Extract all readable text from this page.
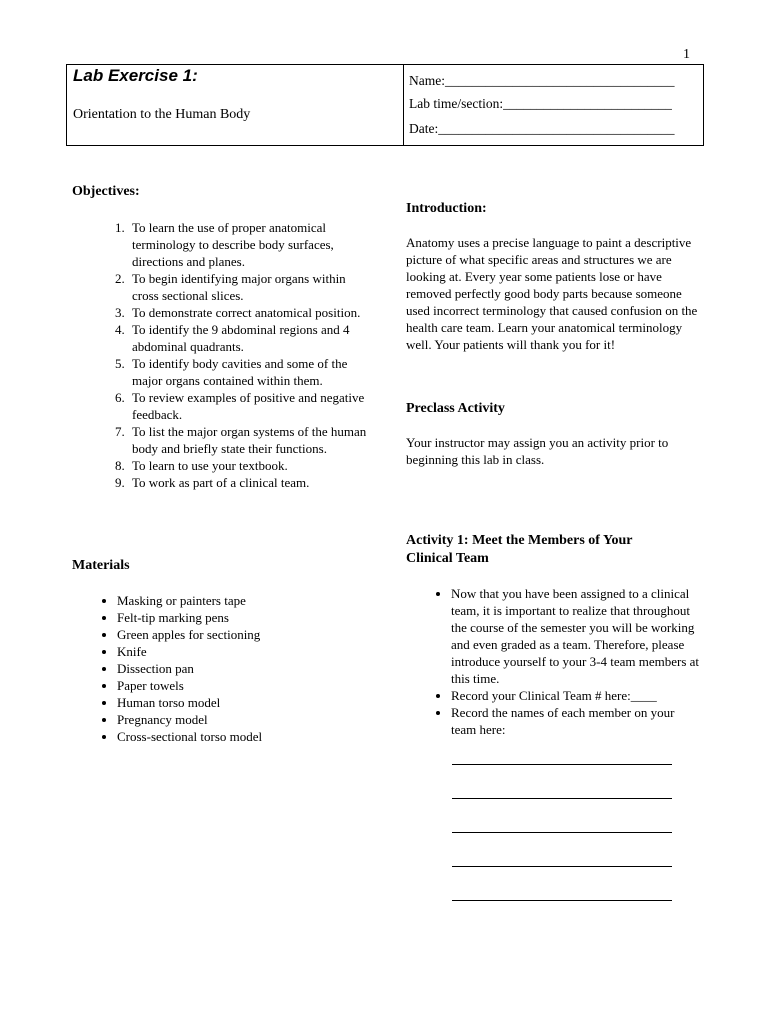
1
Lab Exercise 1:
Orientation to the Human Body
Name:__________________________________
Lab time/section:_________________________
Date:___________________________________
Objectives:
1. To learn the use of proper anatomical terminology to describe body surfaces, directions and planes.
2. To begin identifying major organs within cross sectional slices.
3. To demonstrate correct anatomical position.
4. To identify the 9 abdominal regions and 4 abdominal quadrants.
5. To identify body cavities and some of the major organs contained within them.
6. To review examples of positive and negative feedback.
7. To list the major organ systems of the human body and briefly state their functions.
8. To learn to use your textbook.
9. To work as part of a clinical team.
Materials
• Masking or painters tape
• Felt-tip marking pens
• Green apples for sectioning
• Knife
• Dissection pan
• Paper towels
• Human torso model
• Pregnancy model
• Cross-sectional torso model
Introduction:

Anatomy uses a precise language to paint a descriptive picture of what specific areas and structures we are looking at. Every year some patients lose or have removed perfectly good body parts because someone used incorrect terminology that caused confusion on the health care team. Learn your anatomical terminology well. Your patients will thank you for it!

Preclass Activity

Your instructor may assign you an activity prior to beginning this lab in class.

Activity 1: Meet the Members of Your Clinical Team
• Now that you have been assigned to a clinical team, it is important to realize that throughout the course of the semester you will be working and even graded as a team. Therefore, please introduce yourself to your 3-4 team members at this time.
• Record your Clinical Team # here:____
• Record the names of each member on your team here:
